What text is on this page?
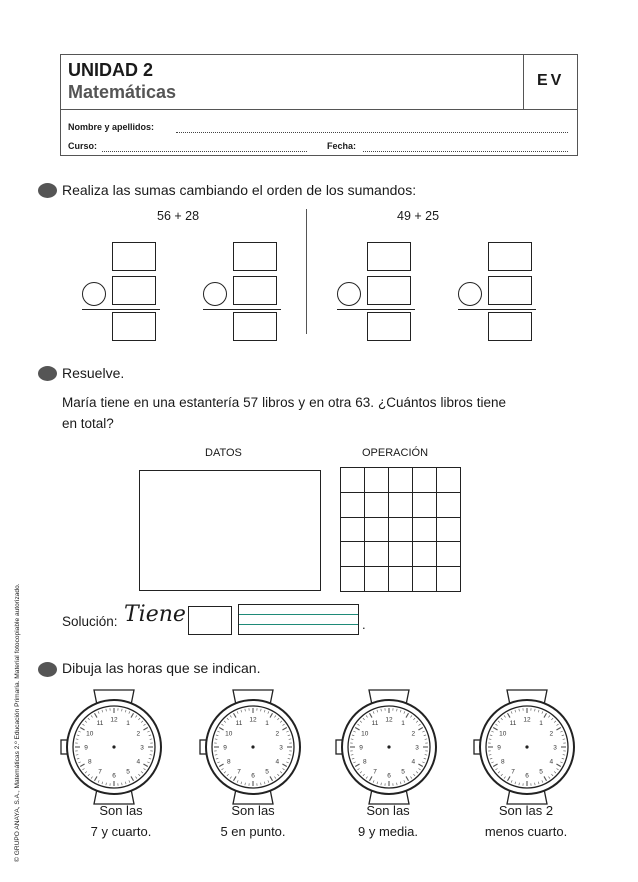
UNIDAD 2
Matemáticas
EV
Nombre y apellidos:
Curso:	Fecha:
Realiza las sumas cambiando el orden de los sumandos:
56 + 28	49 + 25
Resuelve.
María tiene en una estantería 57 libros y en otra 63. ¿Cuántos libros tiene en total?
DATOS	OPERACIÓN
Solución: Tiene	.
Dibuja las horas que se indican.
12
1
2
3
4
5
6
7
8
9
10
11
12
1
2
3
4
5
6
7
8
9
10
11
12
1
2
3
4
5
6
7
8
9
10
11
12
1
2
3
4
5
6
7
8
9
10
11
Son las
7 y cuarto.
Son las
5 en punto.
Son las
9 y media.
Son las 2
menos cuarto.
© GRUPO ANAYA, S.A., Matemáticas 2.º Educación Primaria. Material fotocopiable autorizado.
